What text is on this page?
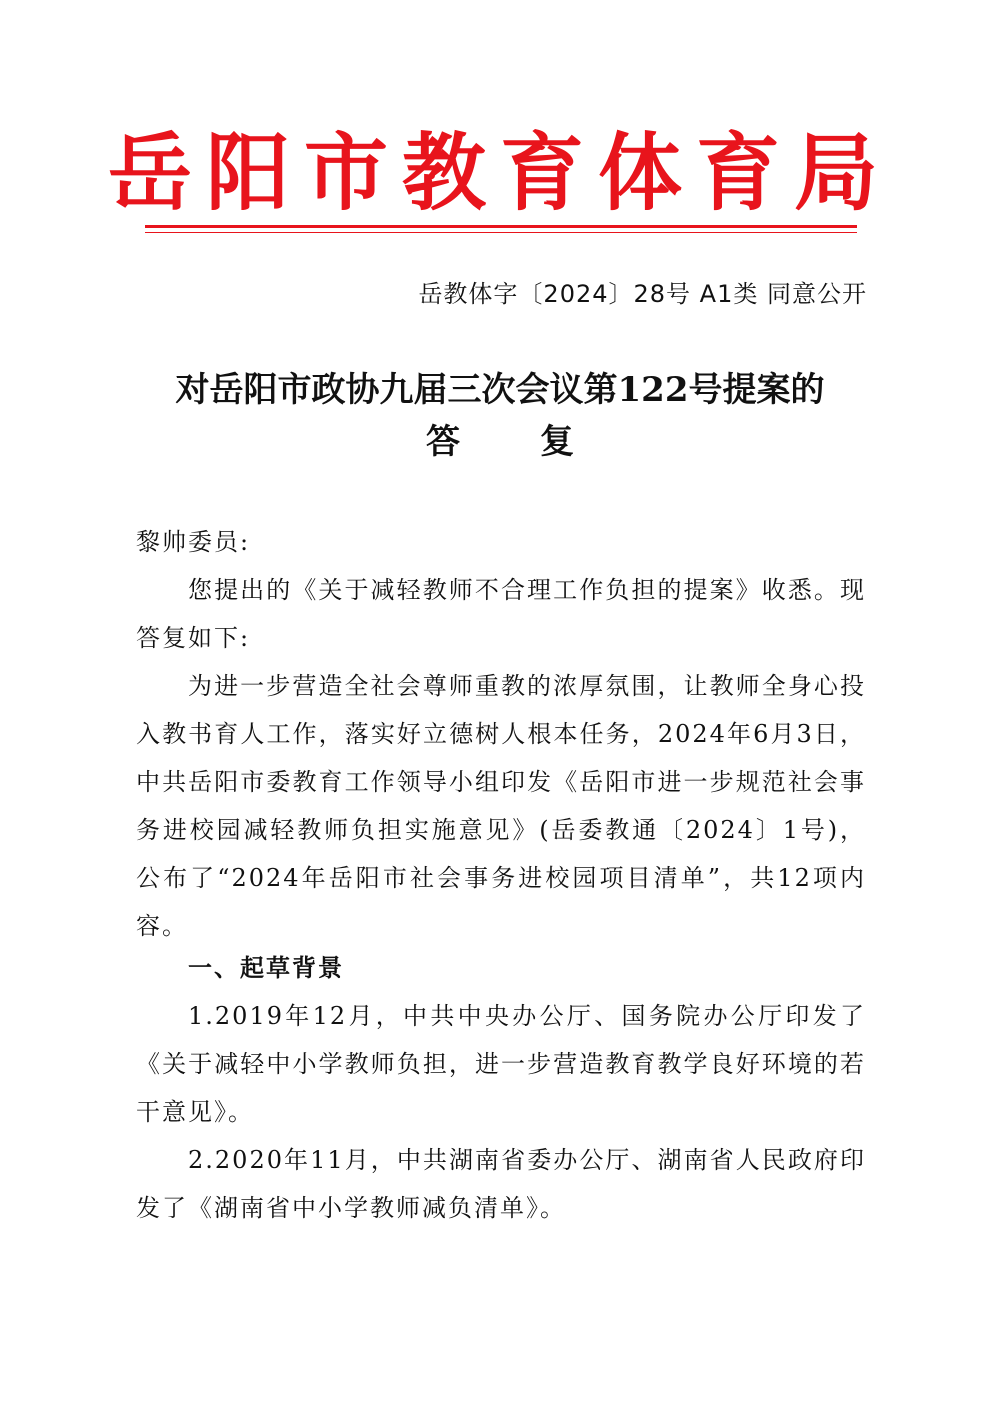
岳阳市教育体育局
岳教体字〔2024〕28号 A1类 同意公开
对岳阳市政协九届三次会议第122号提案的
答复
黎帅委员:
您提出的《关于减轻教师不合理工作负担的提案》收悉。现答复如下:
为进一步营造全社会尊师重教的浓厚氛围，让教师全身心投入教书育人工作，落实好立德树人根本任务，2024年6月3日，中共岳阳市委教育工作领导小组印发《岳阳市进一步规范社会事务进校园减轻教师负担实施意见》(岳委教通〔2024〕1号)，公布了“2024年岳阳市社会事务进校园项目清单”，共12项内容。
一、起草背景
1.2019年12月，中共中央办公厅、国务院办公厅印发了《关于减轻中小学教师负担，进一步营造教育教学良好环境的若干意见》。
2.2020年11月，中共湖南省委办公厅、湖南省人民政府印发了《湖南省中小学教师减负清单》。
